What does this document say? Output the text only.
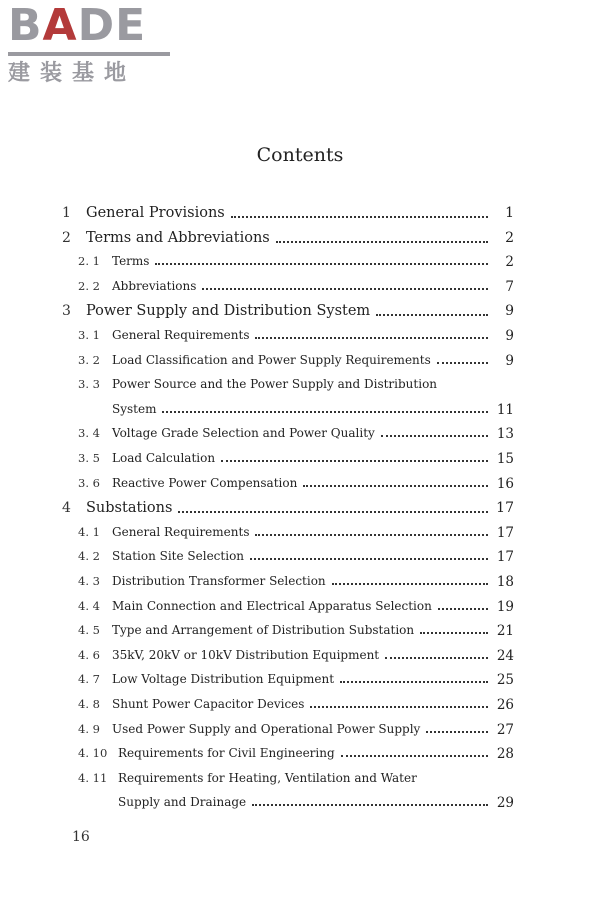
BADE
建装基地
Contents
1 General Provisions	1
2 Terms and Abbreviations	2
2. 1 Terms	2
2. 2 Abbreviations	7
3 Power Supply and Distribution System	9
3. 1 General Requirements	9
3. 2 Load Classification and Power Supply Requirements	9
3. 3 Power Source and the Power Supply and Distribution
System	11
3. 4 Voltage Grade Selection and Power Quality	13
3. 5 Load Calculation	15
3. 6 Reactive Power Compensation	16
4 Substations	17
4. 1 General Requirements	17
4. 2 Station Site Selection	17
4. 3 Distribution Transformer Selection	18
4. 4 Main Connection and Electrical Apparatus Selection	19
4. 5 Type and Arrangement of Distribution Substation	21
4. 6 35kV, 20kV or 10kV Distribution Equipment	24
4. 7 Low Voltage Distribution Equipment	25
4. 8 Shunt Power Capacitor Devices	26
4. 9 Used Power Supply and Operational Power Supply	27
4. 10 Requirements for Civil Engineering	28
4. 11 Requirements for Heating, Ventilation and Water
Supply and Drainage	29
16
